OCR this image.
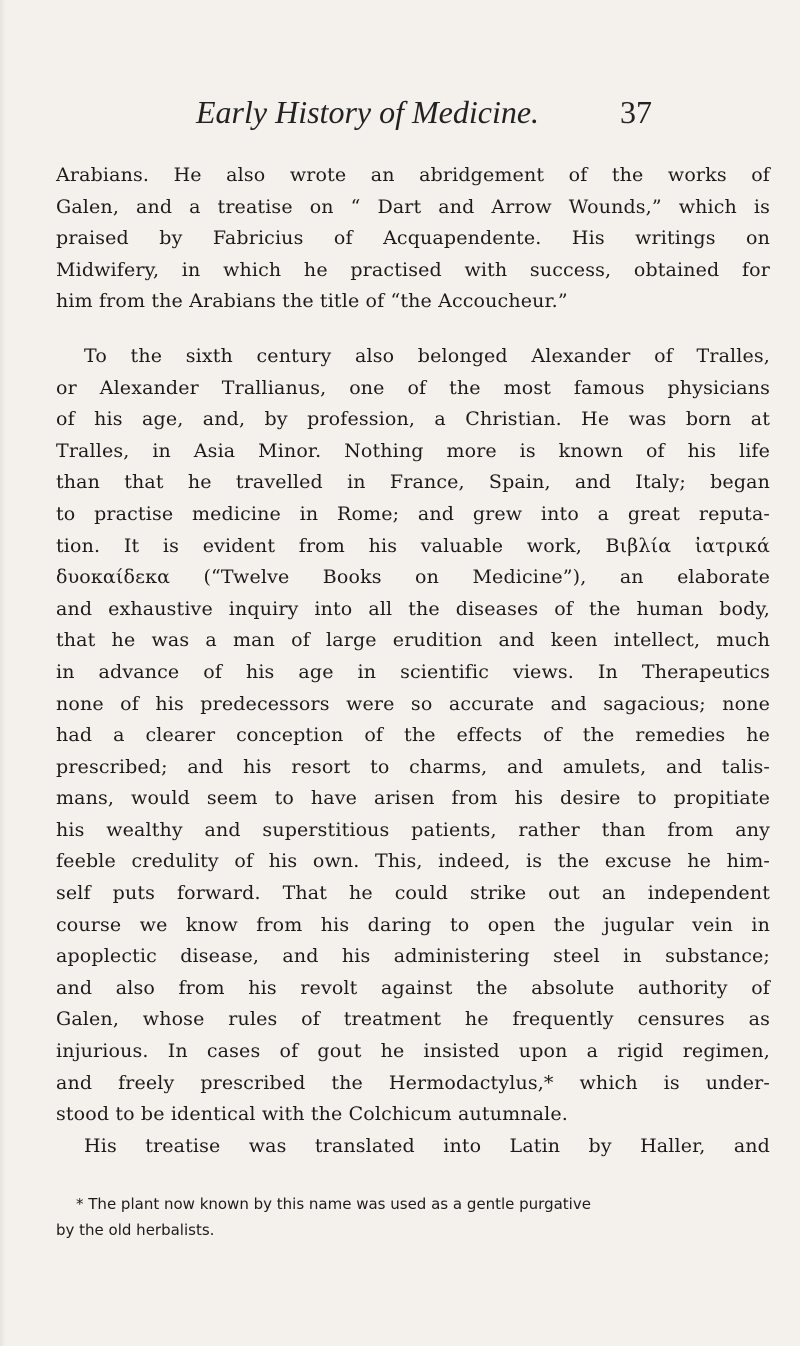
Early History of Medicine.	37
Arabians. He also wrote an abridgement of the works of
Galen, and a treatise on “ Dart and Arrow Wounds,” which is
praised by Fabricius of Acquapendente. His writings on
Midwifery, in which he practised with success, obtained for
him from the Arabians the title of “the Accoucheur.”
To the sixth century also belonged Alexander of Tralles,
or Alexander Trallianus, one of the most famous physicians
of his age, and, by profession, a Christian. He was born at
Tralles, in Asia Minor. Nothing more is known of his life
than that he travelled in France, Spain, and Italy; began
to practise medicine in Rome; and grew into a great reputa-
tion. It is evident from his valuable work, Βιβλία ἰατρικά
δυοκαίδεκα (“Twelve Books on Medicine”), an elaborate
and exhaustive inquiry into all the diseases of the human body,
that he was a man of large erudition and keen intellect, much
in advance of his age in scientific views. In Therapeutics
none of his predecessors were so accurate and sagacious; none
had a clearer conception of the effects of the remedies he
prescribed; and his resort to charms, and amulets, and talis-
mans, would seem to have arisen from his desire to propitiate
his wealthy and superstitious patients, rather than from any
feeble credulity of his own. This, indeed, is the excuse he him-
self puts forward. That he could strike out an independent
course we know from his daring to open the jugular vein in
apoplectic disease, and his administering steel in substance;
and also from his revolt against the absolute authority of
Galen, whose rules of treatment he frequently censures as
injurious. In cases of gout he insisted upon a rigid regimen,
and freely prescribed the Hermodactylus,* which is under-
stood to be identical with the Colchicum autumnale.
His treatise was translated into Latin by Haller, and
* The plant now known by this name was used as a gentle purgative
by the old herbalists.
